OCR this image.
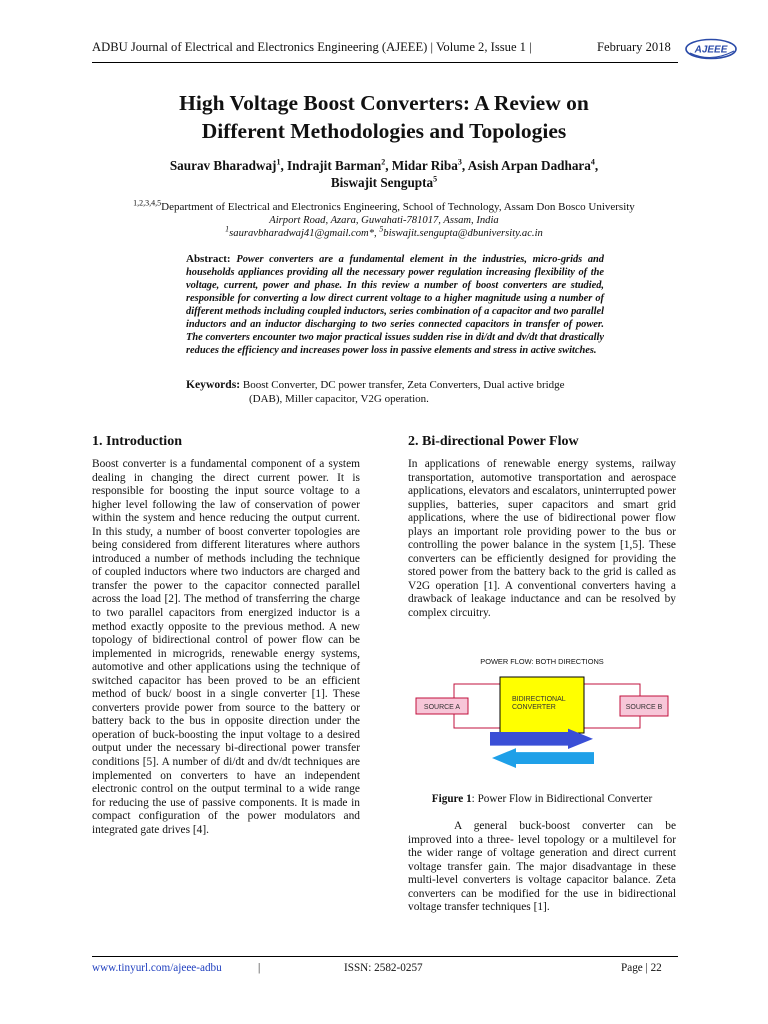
ADBU Journal of Electrical and Electronics Engineering (AJEEE) | Volume 2, Issue 1 |	February 2018 AJEEE
High Voltage Boost Converters: A Review on
Different Methodologies and Topologies
Saurav Bharadwaj$^1$, Indrajit Barman$^2$, Midar Riba$^3$, Asish Arpan Dadhara$^4$,
Biswajit Sengupta$^5$
$^{1,2,3,4,5}$Department of Electrical and Electronics Engineering, School of Technology, Assam Don Bosco University
Airport Road, Azara, Guwahati-781017, Assam, India
$^1$sauravbharadwaj41@gmail.com*, $^5$biswajit.sengupta@dbuniversity.ac.in
Abstract: Power converters are a fundamental element in the industries, micro-grids and households appliances providing all the necessary power regulation increasing flexibility of the voltage, current, power and phase. In this review a number of boost converters are studied, responsible for converting a low direct current voltage to a higher magnitude using a number of different methods including coupled inductors, series combination of a capacitor and two parallel inductors and an inductor discharging to two series connected capacitors in transfer of power. The converters encounter two major practical issues sudden rise in di/dt and dv/dt that drastically reduces the efficiency and increases power loss in passive elements and stress in active switches.
Keywords: Boost Converter, DC power transfer, Zeta Converters, Dual active bridge
(DAB), Miller capacitor, V2G operation.
1. Introduction	2. Bi-directional Power Flow
Boost converter is a fundamental component of a system dealing in changing the direct current power. It is responsible for boosting the input source voltage to a higher level following the law of conservation of power within the system and hence reducing the output current. In this study, a number of boost converter topologies are being considered from different literatures where authors introduced a number of methods including the technique of coupled inductors where two inductors are charged and transfer the power to the capacitor connected parallel across the load [2]. The method of transferring the charge to two parallel capacitors from energized inductor is a method exactly opposite to the previous method. A new topology of bidirectional control of power flow can be implemented in microgrids, renewable energy systems, automotive and other applications using the technique of switched capacitor has been proved to be an efficient method of buck/ boost in a single converter [1]. These converters provide power from source to the battery or battery back to the bus in opposite direction under the operation of buck-boosting the input voltage to a desired output under the necessary bi-directional power transfer conditions [5]. A number of di/dt and dv/dt techniques are implemented on converters to have an independent electronic control on the output terminal to a wide range for reducing the use of passive components. It is made in compact configuration of the power modulators and integrated gate drives [4].
In applications of renewable energy systems, railway transportation, automotive transportation and aerospace applications, elevators and escalators, uninterrupted power supplies, batteries, super capacitors and smart grid applications, where the use of bidirectional power flow plays an important role providing power to the bus or controlling the power balance in the system [1,5]. These converters can be efficiently designed for providing the stored power from the battery back to the grid is called as V2G operation [1]. A conventional converters having a drawback of leakage inductance and can be resolved by complex circuitry.
POWER FLOW: BOTH DIRECTIONS
SOURCE A
BIDIRECTIONAL
CONVERTER	SOURCE B
Figure 1: Power Flow in Bidirectional Converter
A general buck-boost converter can be improved into a three- level topology or a multilevel for the wider range of voltage generation and direct current voltage transfer gain. The major disadvantage in these multi-level converters is voltage capacitor balance. Zeta converters can be modified for the use in bidirectional voltage transfer techniques [1].
www.tinyurl.com/ajeee-adbu	|	ISSN: 2582-0257	Page | 22
